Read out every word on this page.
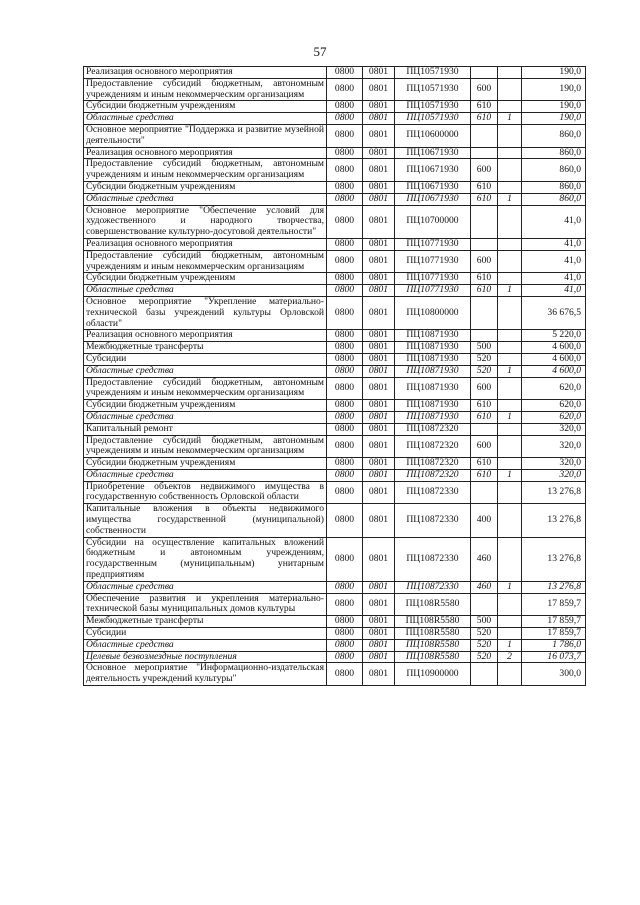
57
Реализация основного мероприятия	0800	0801	ПЦ10571930			190,0
Предоставление субсидий бюджетным, автономным учреждениям и иным некоммерческим организациям	0800	0801	ПЦ10571930	600		190,0
Субсидии бюджетным учреждениям	0800	0801	ПЦ10571930	610		190,0
Областные средства	0800	0801	ПЦ10571930	610	1	190,0
Основное мероприятие "Поддержка и развитие музейной деятельности"	0800	0801	ПЦ10600000			860,0
Реализация основного мероприятия	0800	0801	ПЦ10671930			860,0
Предоставление субсидий бюджетным, автономным учреждениям и иным некоммерческим организациям	0800	0801	ПЦ10671930	600		860,0
Субсидии бюджетным учреждениям	0800	0801	ПЦ10671930	610		860,0
Областные средства	0800	0801	ПЦ10671930	610	1	860,0
Основное мероприятие "Обеспечение условий для художественного и народного творчества, совершенствование культурно-досуговой деятельности"	0800	0801	ПЦ10700000			41,0
Реализация основного мероприятия	0800	0801	ПЦ10771930			41,0
Предоставление субсидий бюджетным, автономным учреждениям и иным некоммерческим организациям	0800	0801	ПЦ10771930	600		41,0
Субсидии бюджетным учреждениям	0800	0801	ПЦ10771930	610		41,0
Областные средства	0800	0801	ПЦ10771930	610	1	41,0
Основное мероприятие "Укрепление материально-технической базы учреждений культуры Орловской области"	0800	0801	ПЦ10800000			36 676,5
Реализация основного мероприятия	0800	0801	ПЦ10871930			5 220,0
Межбюджетные трансферты	0800	0801	ПЦ10871930	500		4 600,0
Субсидии	0800	0801	ПЦ10871930	520		4 600,0
Областные средства	0800	0801	ПЦ10871930	520	1	4 600,0
Предоставление субсидий бюджетным, автономным учреждениям и иным некоммерческим организациям	0800	0801	ПЦ10871930	600		620,0
Субсидии бюджетным учреждениям	0800	0801	ПЦ10871930	610		620,0
Областные средства	0800	0801	ПЦ10871930	610	1	620,0
Капитальный ремонт	0800	0801	ПЦ10872320			320,0
Предоставление субсидий бюджетным, автономным учреждениям и иным некоммерческим организациям	0800	0801	ПЦ10872320	600		320,0
Субсидии бюджетным учреждениям	0800	0801	ПЦ10872320	610		320,0
Областные средства	0800	0801	ПЦ10872320	610	1	320,0
Приобретение объектов недвижимого имущества в государственную собственность Орловской области	0800	0801	ПЦ10872330			13 276,8
Капитальные вложения в объекты недвижимого имущества государственной (муниципальной) собственности	0800	0801	ПЦ10872330	400		13 276,8
Субсидии на осуществление капитальных вложений бюджетным и автономным учреждениям, государственным (муниципальным) унитарным предприятиям	0800	0801	ПЦ10872330	460		13 276,8
Областные средства	0800	0801	ПЦ10872330	460	1	13 276,8
Обеспечение развития и укрепления материально-технической базы муниципальных домов культуры	0800	0801	ПЦ108R5580			17 859,7
Межбюджетные трансферты	0800	0801	ПЦ108R5580	500		17 859,7
Субсидии	0800	0801	ПЦ108R5580	520		17 859,7
Областные средства	0800	0801	ПЦ108R5580	520	1	1 786,0
Целевые безвозмездные поступления	0800	0801	ПЦ108R5580	520	2	16 073,7
Основное мероприятие "Информационно-издательская деятельность учреждений культуры"	0800	0801	ПЦ10900000			300,0
